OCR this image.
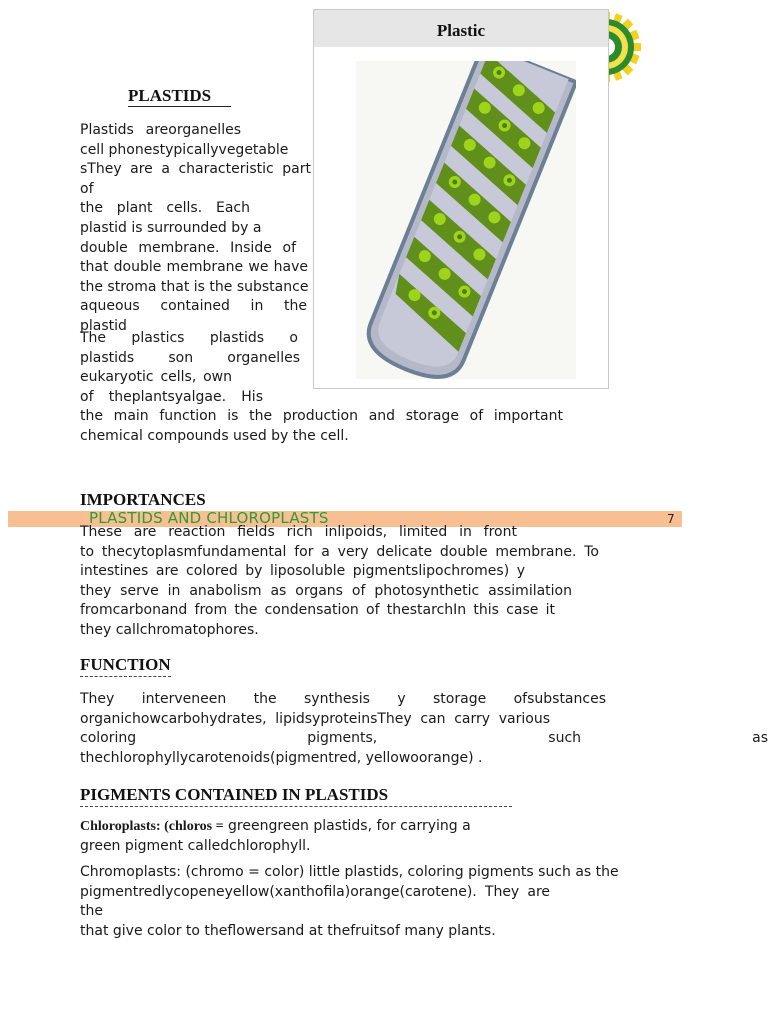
Plastic
PLASTIDS

Plastids areorganelles

cell phonestypicallyvegetable

sThey are a characteristic part of

the plant cells. Each

plastid is surrounded by a

double membrane. Inside of

that double membrane we have

the stroma that is the substance

aqueous contained in the

plastid

The plastics plastids o

plastids son organelles

eukaryotic cells, own

of theplantsyalgae. His

the main function is the production and storage of important

chemical compounds used by the cell.

IMPORTANCES
PLASTIDS AND CHLOROPLASTS	7

These are reaction fields rich inlipoids, limited in front

to thecytoplasmfundamental for a very delicate double membrane. To

intestines are colored by liposoluble pigmentslipochromes) y

they serve in anabolism as organs of photosynthetic assimilation

fromcarbonand from the condensation of thestarchIn this case it

they callchromatophores.

FUNCTION

They interveneen the synthesis y storage ofsubstances

organichowcarbohydrates, lipidsyproteinsThey can carry various

coloring pigments, such as

thechlorophyllycarotenoids(pigmentred, yellowoorange) .

PIGMENTS CONTAINED IN PLASTIDS

Chloroplasts: (chloros = greengreen plastids, for carrying a

green pigment calledchlorophyll.

Chromoplasts: (chromo = color) little plastids, coloring pigments such as the

pigmentredlycopeneyellow(xanthofila)orange(carotene). They are the

that give color to theflowersand at thefruitsof many plants.
